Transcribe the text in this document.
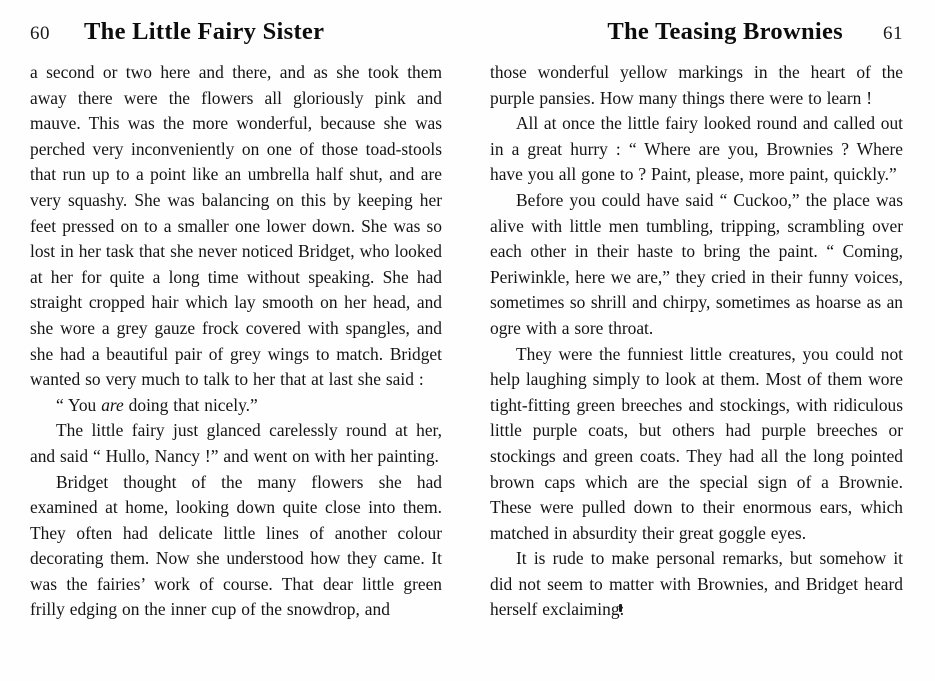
60 The Little Fairy Sister

a second or two here and there, and as she took them away there were the flowers all gloriously pink and mauve. This was the more wonderful, because she was perched very inconveniently on one of those toad-stools that run up to a point like an umbrella half shut, and are very squashy. She was balancing on this by keeping her feet pressed on to a smaller one lower down. She was so lost in her task that she never noticed Bridget, who looked at her for quite a long time without speaking. She had straight cropped hair which lay smooth on her head, and she wore a grey gauze frock covered with spangles, and she had a beautiful pair of grey wings to match. Bridget wanted so very much to talk to her that at last she said :

“ You are doing that nicely.”

The little fairy just glanced carelessly round at her, and said “ Hullo, Nancy !” and went on with her painting.

Bridget thought of the many flowers she had examined at home, looking down quite close into them. They often had delicate little lines of another colour decorating them. Now she understood how they came. It was the fairies’ work of course. That dear little green frilly edging on the inner cup of the snowdrop, and

The Teasing Brownies 61

those wonderful yellow markings in the heart of the purple pansies. How many things there were to learn !

All at once the little fairy looked round and called out in a great hurry : “ Where are you, Brownies ? Where have you all gone to ? Paint, please, more paint, quickly.”

Before you could have said “ Cuckoo,” the place was alive with little men tumbling, tripping, scrambling over each other in their haste to bring the paint. “ Coming, Periwinkle, here we are,” they cried in their funny voices, sometimes so shrill and chirpy, sometimes as hoarse as an ogre with a sore throat.

They were the funniest little creatures, you could not help laughing simply to look at them. Most of them wore tight-fitting green breeches and stockings, with ridiculous little purple coats, but others had purple breeches or stockings and green coats. They had all the long pointed brown caps which are the special sign of a Brownie. These were pulled down to their enormous ears, which matched in absurdity their great goggle eyes.

It is rude to make personal remarks, but somehow it did not seem to matter with Brownies, and Bridget heard herself exclaiming:
